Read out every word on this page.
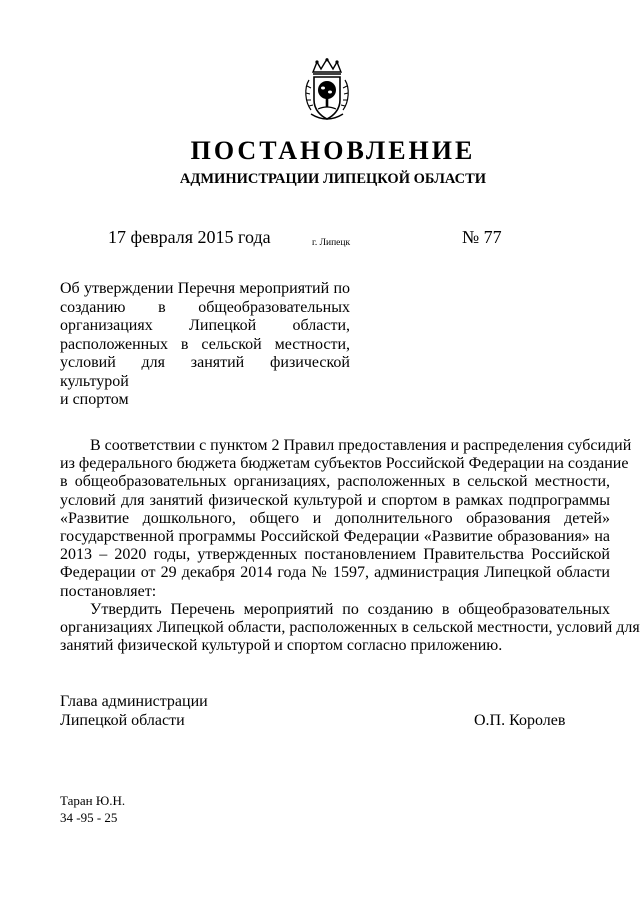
ПОСТАНОВЛЕНИЕ
АДМИНИСТРАЦИИ ЛИПЕЦКОЙ ОБЛАСТИ
17 февраля 2015 года	г. Липецк	№ 77
Об утверждении Перечня мероприятий по
созданию в общеобразовательных
организациях Липецкой области,
расположенных в сельской местности,
условий для занятий физической культурой
и спортом
В соответствии с пунктом 2 Правил предоставления и распределения субсидий
из федерального бюджета бюджетам субъектов Российской Федерации на создание
в общеобразовательных организациях, расположенных в сельской местности,
условий для занятий физической культурой и спортом в рамках подпрограммы
«Развитие дошкольного, общего и дополнительного образования детей»
государственной программы Российской Федерации «Развитие образования» на
2013 – 2020 годы, утвержденных постановлением Правительства Российской
Федерации от 29 декабря 2014 года № 1597, администрация Липецкой области
постановляет:
Утвердить Перечень мероприятий по созданию в общеобразовательных
организациях Липецкой области, расположенных в сельской местности, условий для
занятий физической культурой и спортом согласно приложению.
Глава администрации
Липецкой области	О.П. Королев
Таран Ю.Н.
34 -95 - 25
